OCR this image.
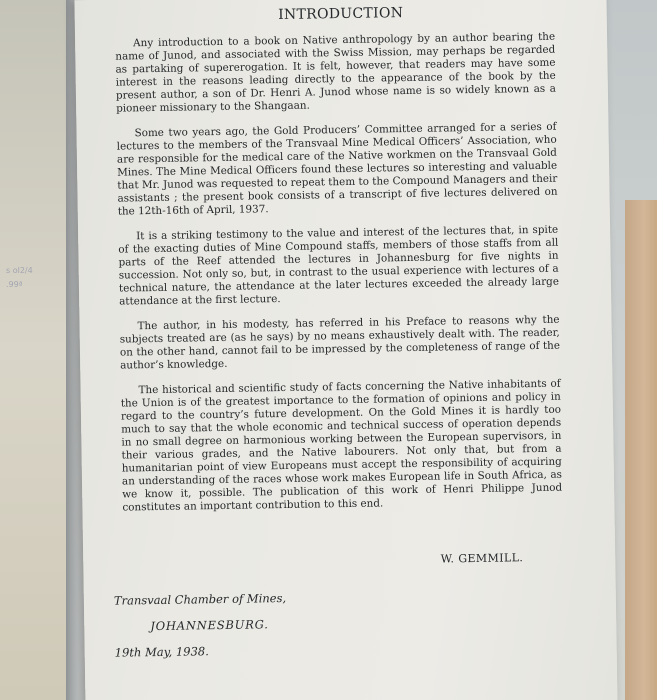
s ol2/4
.99ª
INTRODUCTION

Any introduction to a book on Native anthropology by an author bearing the name of Junod, and associated with the Swiss Mission, may perhaps be regarded as partaking of supererogation. It is felt, however, that readers may have some interest in the reasons leading directly to the appearance of the book by the present author, a son of Dr. Henri A. Junod whose name is so widely known as a pioneer missionary to the Shangaan.

Some two years ago, the Gold Producers’ Committee arranged for a series of lectures to the members of the Transvaal Mine Medical Officers’ Association, who are responsible for the medical care of the Native workmen on the Transvaal Gold Mines. The Mine Medical Officers found these lectures so interesting and valuable that Mr. Junod was requested to repeat them to the Compound Managers and their assistants ; the present book consists of a transcript of five lectures delivered on the 12th-16th of April, 1937.

It is a striking testimony to the value and interest of the lectures that, in spite of the exacting duties of Mine Compound staffs, members of those staffs from all parts of the Reef attended the lectures in Johannesburg for five nights in succession. Not only so, but, in contrast to the usual experience with lectures of a technical nature, the attendance at the later lectures exceeded the already large attendance at the first lecture.

The author, in his modesty, has referred in his Preface to reasons why the subjects treated are (as he says) by no means exhaustively dealt with. The reader, on the other hand, cannot fail to be impressed by the completeness of range of the author’s knowledge.

The historical and scientific study of facts concerning the Native inhabitants of the Union is of the greatest importance to the formation of opinions and policy in regard to the country’s future development. On the Gold Mines it is hardly too much to say that the whole economic and technical success of operation depends in no small degree on harmonious working between the European supervisors, in their various grades, and the Native labourers. Not only that, but from a humanitarian point of view Europeans must accept the responsibility of acquiring an understanding of the races whose work makes European life in South Africa, as we know it, possible. The publication of this work of Henri Philippe Junod constitutes an important contribution to this end.

W. GEMMILL.
Transvaal Chamber of Mines,
JOHANNESBURG.
19th May, 1938.
